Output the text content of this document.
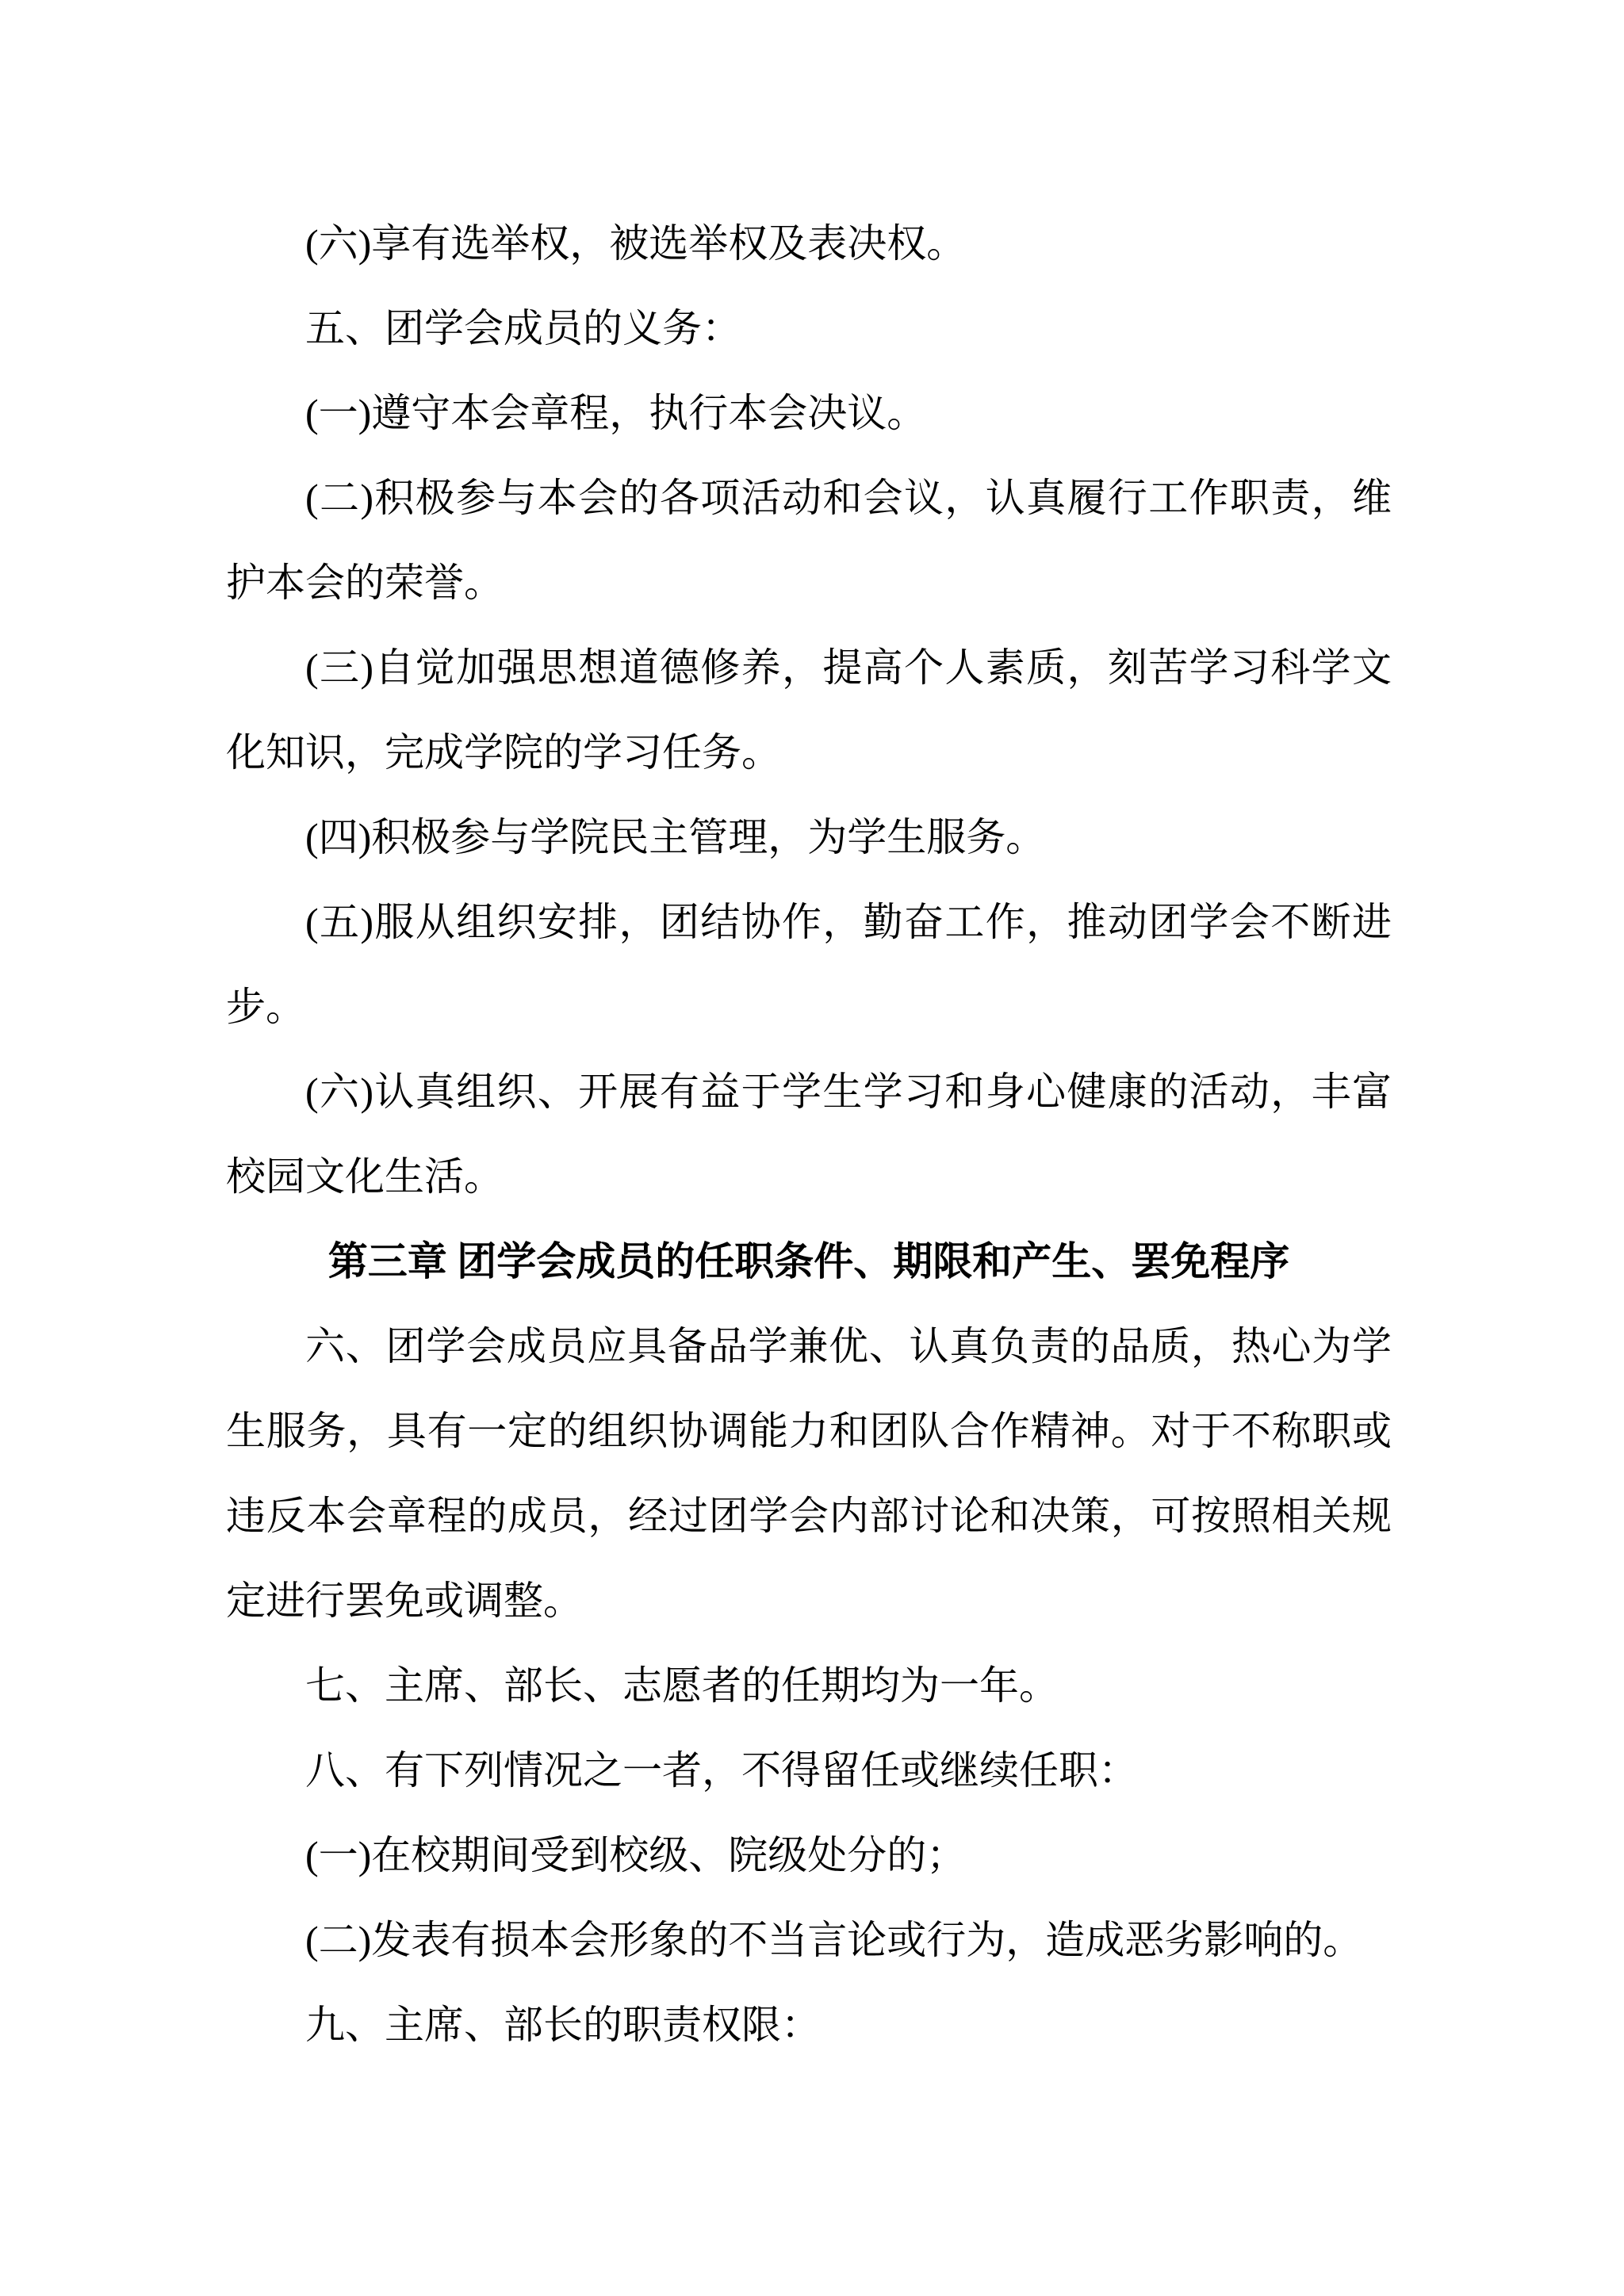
(六)享有选举权，被选举权及表决权。

五、团学会成员的义务：

(一)遵守本会章程，执行本会决议。

(二)积极参与本会的各项活动和会议，认真履行工作职责，维护本会的荣誉。

(三)自觉加强思想道德修养，提高个人素质，刻苦学习科学文化知识，完成学院的学习任务。

(四)积极参与学院民主管理，为学生服务。

(五)服从组织安排，团结协作，勤奋工作，推动团学会不断进步。

(六)认真组织、开展有益于学生学习和身心健康的活动，丰富校园文化生活。

第三章 团学会成员的任职条件、期限和产生、罢免程序

六、团学会成员应具备品学兼优、认真负责的品质，热心为学生服务，具有一定的组织协调能力和团队合作精神。对于不称职或违反本会章程的成员，经过团学会内部讨论和决策，可按照相关规定进行罢免或调整。

七、主席、部长、志愿者的任期均为一年。

八、有下列情况之一者，不得留任或继续任职：

(一)在校期间受到校级、院级处分的；

(二)发表有损本会形象的不当言论或行为，造成恶劣影响的。

九、主席、部长的职责权限：
